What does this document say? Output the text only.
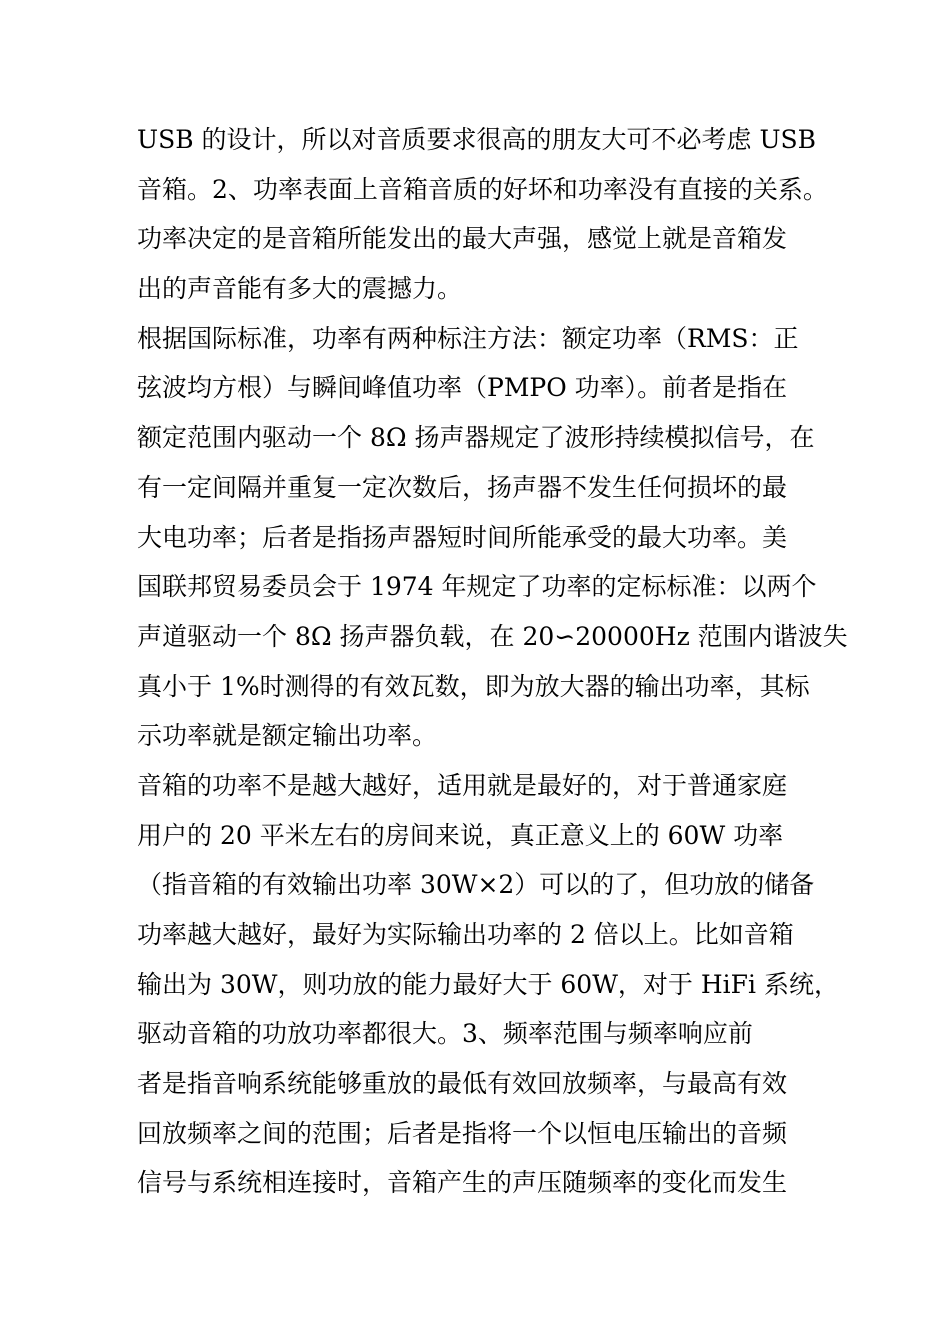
USB 的设计，所以对音质要求很高的朋友大可不必考虑 USB
音箱。2、功率表面上音箱音质的好坏和功率没有直接的关系。
功率决定的是音箱所能发出的最大声强，感觉上就是音箱发
出的声音能有多大的震撼力。
根据国际标准，功率有两种标注方法：额定功率（RMS：正
弦波均方根）与瞬间峰值功率（PMPO 功率）。前者是指在
额定范围内驱动一个 8Ω 扬声器规定了波形持续模拟信号，在
有一定间隔并重复一定次数后，扬声器不发生任何损坏的最
大电功率；后者是指扬声器短时间所能承受的最大功率。美
国联邦贸易委员会于 1974 年规定了功率的定标标准：以两个
声道驱动一个 8Ω 扬声器负载，在 20∽20000Hz 范围内谐波失
真小于 1%时测得的有效瓦数，即为放大器的输出功率，其标
示功率就是额定输出功率。
音箱的功率不是越大越好，适用就是最好的，对于普通家庭
用户的 20 平米左右的房间来说，真正意义上的 60W 功率
（指音箱的有效输出功率 30W×2）可以的了，但功放的储备
功率越大越好，最好为实际输出功率的 2 倍以上。比如音箱
输出为 30W，则功放的能力最好大于 60W，对于 HiFi 系统，
驱动音箱的功放功率都很大。3、频率范围与频率响应前
者是指音响系统能够重放的最低有效回放频率，与最高有效
回放频率之间的范围；后者是指将一个以恒电压输出的音频
信号与系统相连接时，音箱产生的声压随频率的变化而发生
